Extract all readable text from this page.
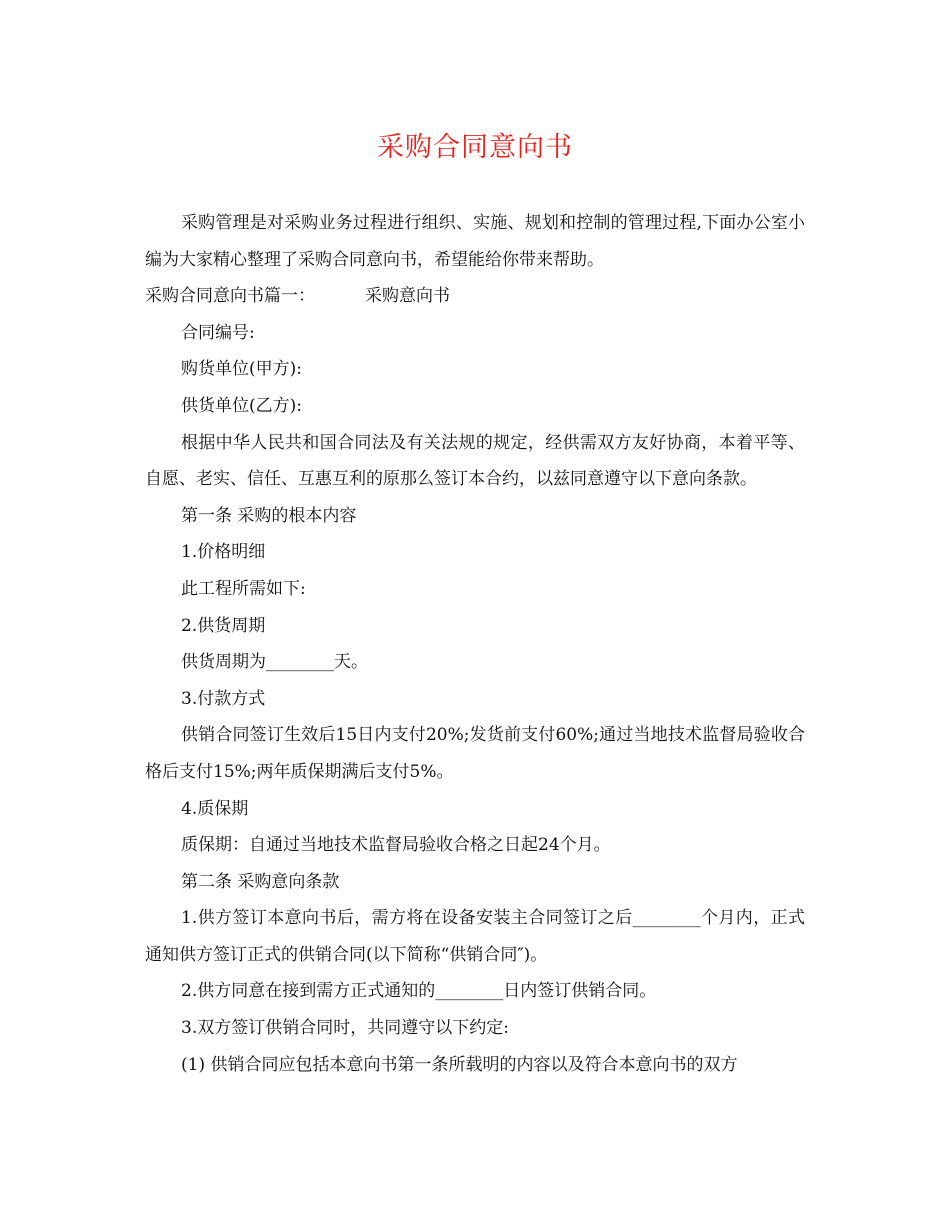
采购合同意向书

采购管理是对采购业务过程进行组织、实施、规划和控制的管理过程,下面办公室小编为大家精心整理了采购合同意向书，希望能给你带来帮助。

采购合同意向书篇一：	采购意向书

合同编号:

购货单位(甲方):

供货单位(乙方):

根据中华人民共和国合同法及有关法规的规定，经供需双方友好协商，本着平等、自愿、老实、信任、互惠互利的原那么签订本合约，以兹同意遵守以下意向条款。

第一条 采购的根本内容

1.价格明细

此工程所需如下:

2.供货周期

供货周期为________天。

3.付款方式

供销合同签订生效后15日内支付20%;发货前支付60%;通过当地技术监督局验收合格后支付15%;两年质保期满后支付5%。

4.质保期

质保期：自通过当地技术监督局验收合格之日起24个月。

第二条 采购意向条款

1.供方签订本意向书后，需方将在设备安装主合同签订之后________个月内，正式通知供方签订正式的供销合同(以下简称“供销合同″)。

2.供方同意在接到需方正式通知的________日内签订供销合同。

3.双方签订供销合同时，共同遵守以下约定:

(1) 供销合同应包括本意向书第一条所载明的内容以及符合本意向书的双方
